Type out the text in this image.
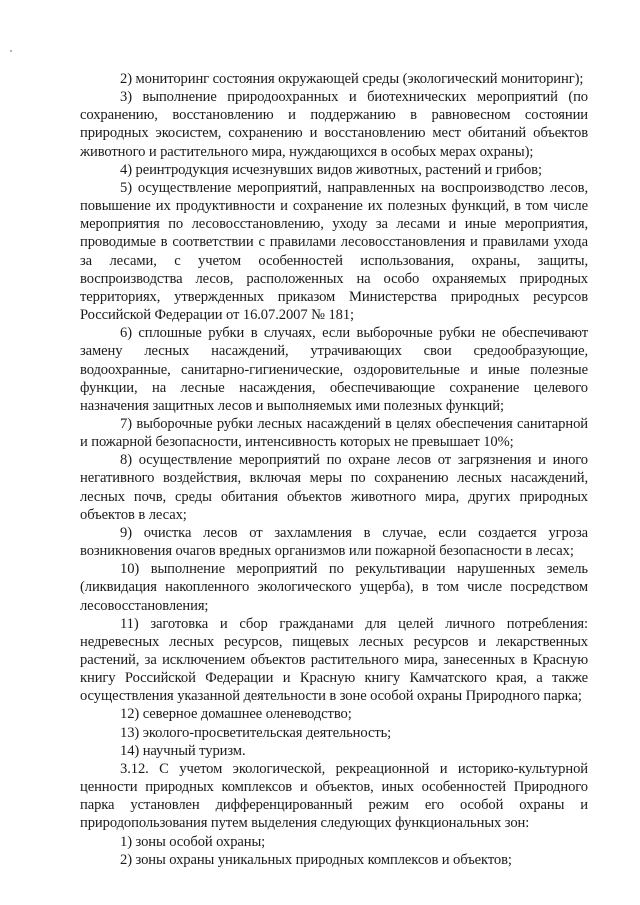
2) мониторинг состояния окружающей среды (экологический мониторинг);

3) выполнение природоохранных и биотехнических мероприятий (по сохранению, восстановлению и поддержанию в равновесном состоянии природных экосистем, сохранению и восстановлению мест обитаний объектов животного и растительного мира, нуждающихся в особых мерах охраны);

4) реинтродукция исчезнувших видов животных, растений и грибов;

5) осуществление мероприятий, направленных на воспроизводство лесов, повышение их продуктивности и сохранение их полезных функций, в том числе мероприятия по лесовосстановлению, уходу за лесами и иные мероприятия, проводимые в соответствии с правилами лесовосстановления и правилами ухода за лесами, с учетом особенностей использования, охраны, защиты, воспроизводства лесов, расположенных на особо охраняемых природных территориях, утвержденных приказом Министерства природных ресурсов Российской Федерации от 16.07.2007 № 181;

6) сплошные рубки в случаях, если выборочные рубки не обеспечивают замену лесных насаждений, утрачивающих свои средообразующие, водоохранные, санитарно-гигиенические, оздоровительные и иные полезные функции, на лесные насаждения, обеспечивающие сохранение целевого назначения защитных лесов и выполняемых ими полезных функций;

7) выборочные рубки лесных насаждений в целях обеспечения санитарной и пожарной безопасности, интенсивность которых не превышает 10%;

8) осуществление мероприятий по охране лесов от загрязнения и иного негативного воздействия, включая меры по сохранению лесных насаждений, лесных почв, среды обитания объектов животного мира, других природных объектов в лесах;

9) очистка лесов от захламления в случае, если создается угроза возникновения очагов вредных организмов или пожарной безопасности в лесах;

10) выполнение мероприятий по рекультивации нарушенных земель (ликвидация накопленного экологического ущерба), в том числе посредством лесовосстановления;

11) заготовка и сбор гражданами для целей личного потребления: недревесных лесных ресурсов, пищевых лесных ресурсов и лекарственных растений, за исключением объектов растительного мира, занесенных в Красную книгу Российской Федерации и Красную книгу Камчатского края, а также осуществления указанной деятельности в зоне особой охраны Природного парка;

12) северное домашнее оленеводство;

13) эколого-просветительская деятельность;

14) научный туризм.

3.12. С учетом экологической, рекреационной и историко-культурной ценности природных комплексов и объектов, иных особенностей Природного парка установлен дифференцированный режим его особой охраны и природопользования путем выделения следующих функциональных зон:

1) зоны особой охраны;

2) зоны охраны уникальных природных комплексов и объектов;
